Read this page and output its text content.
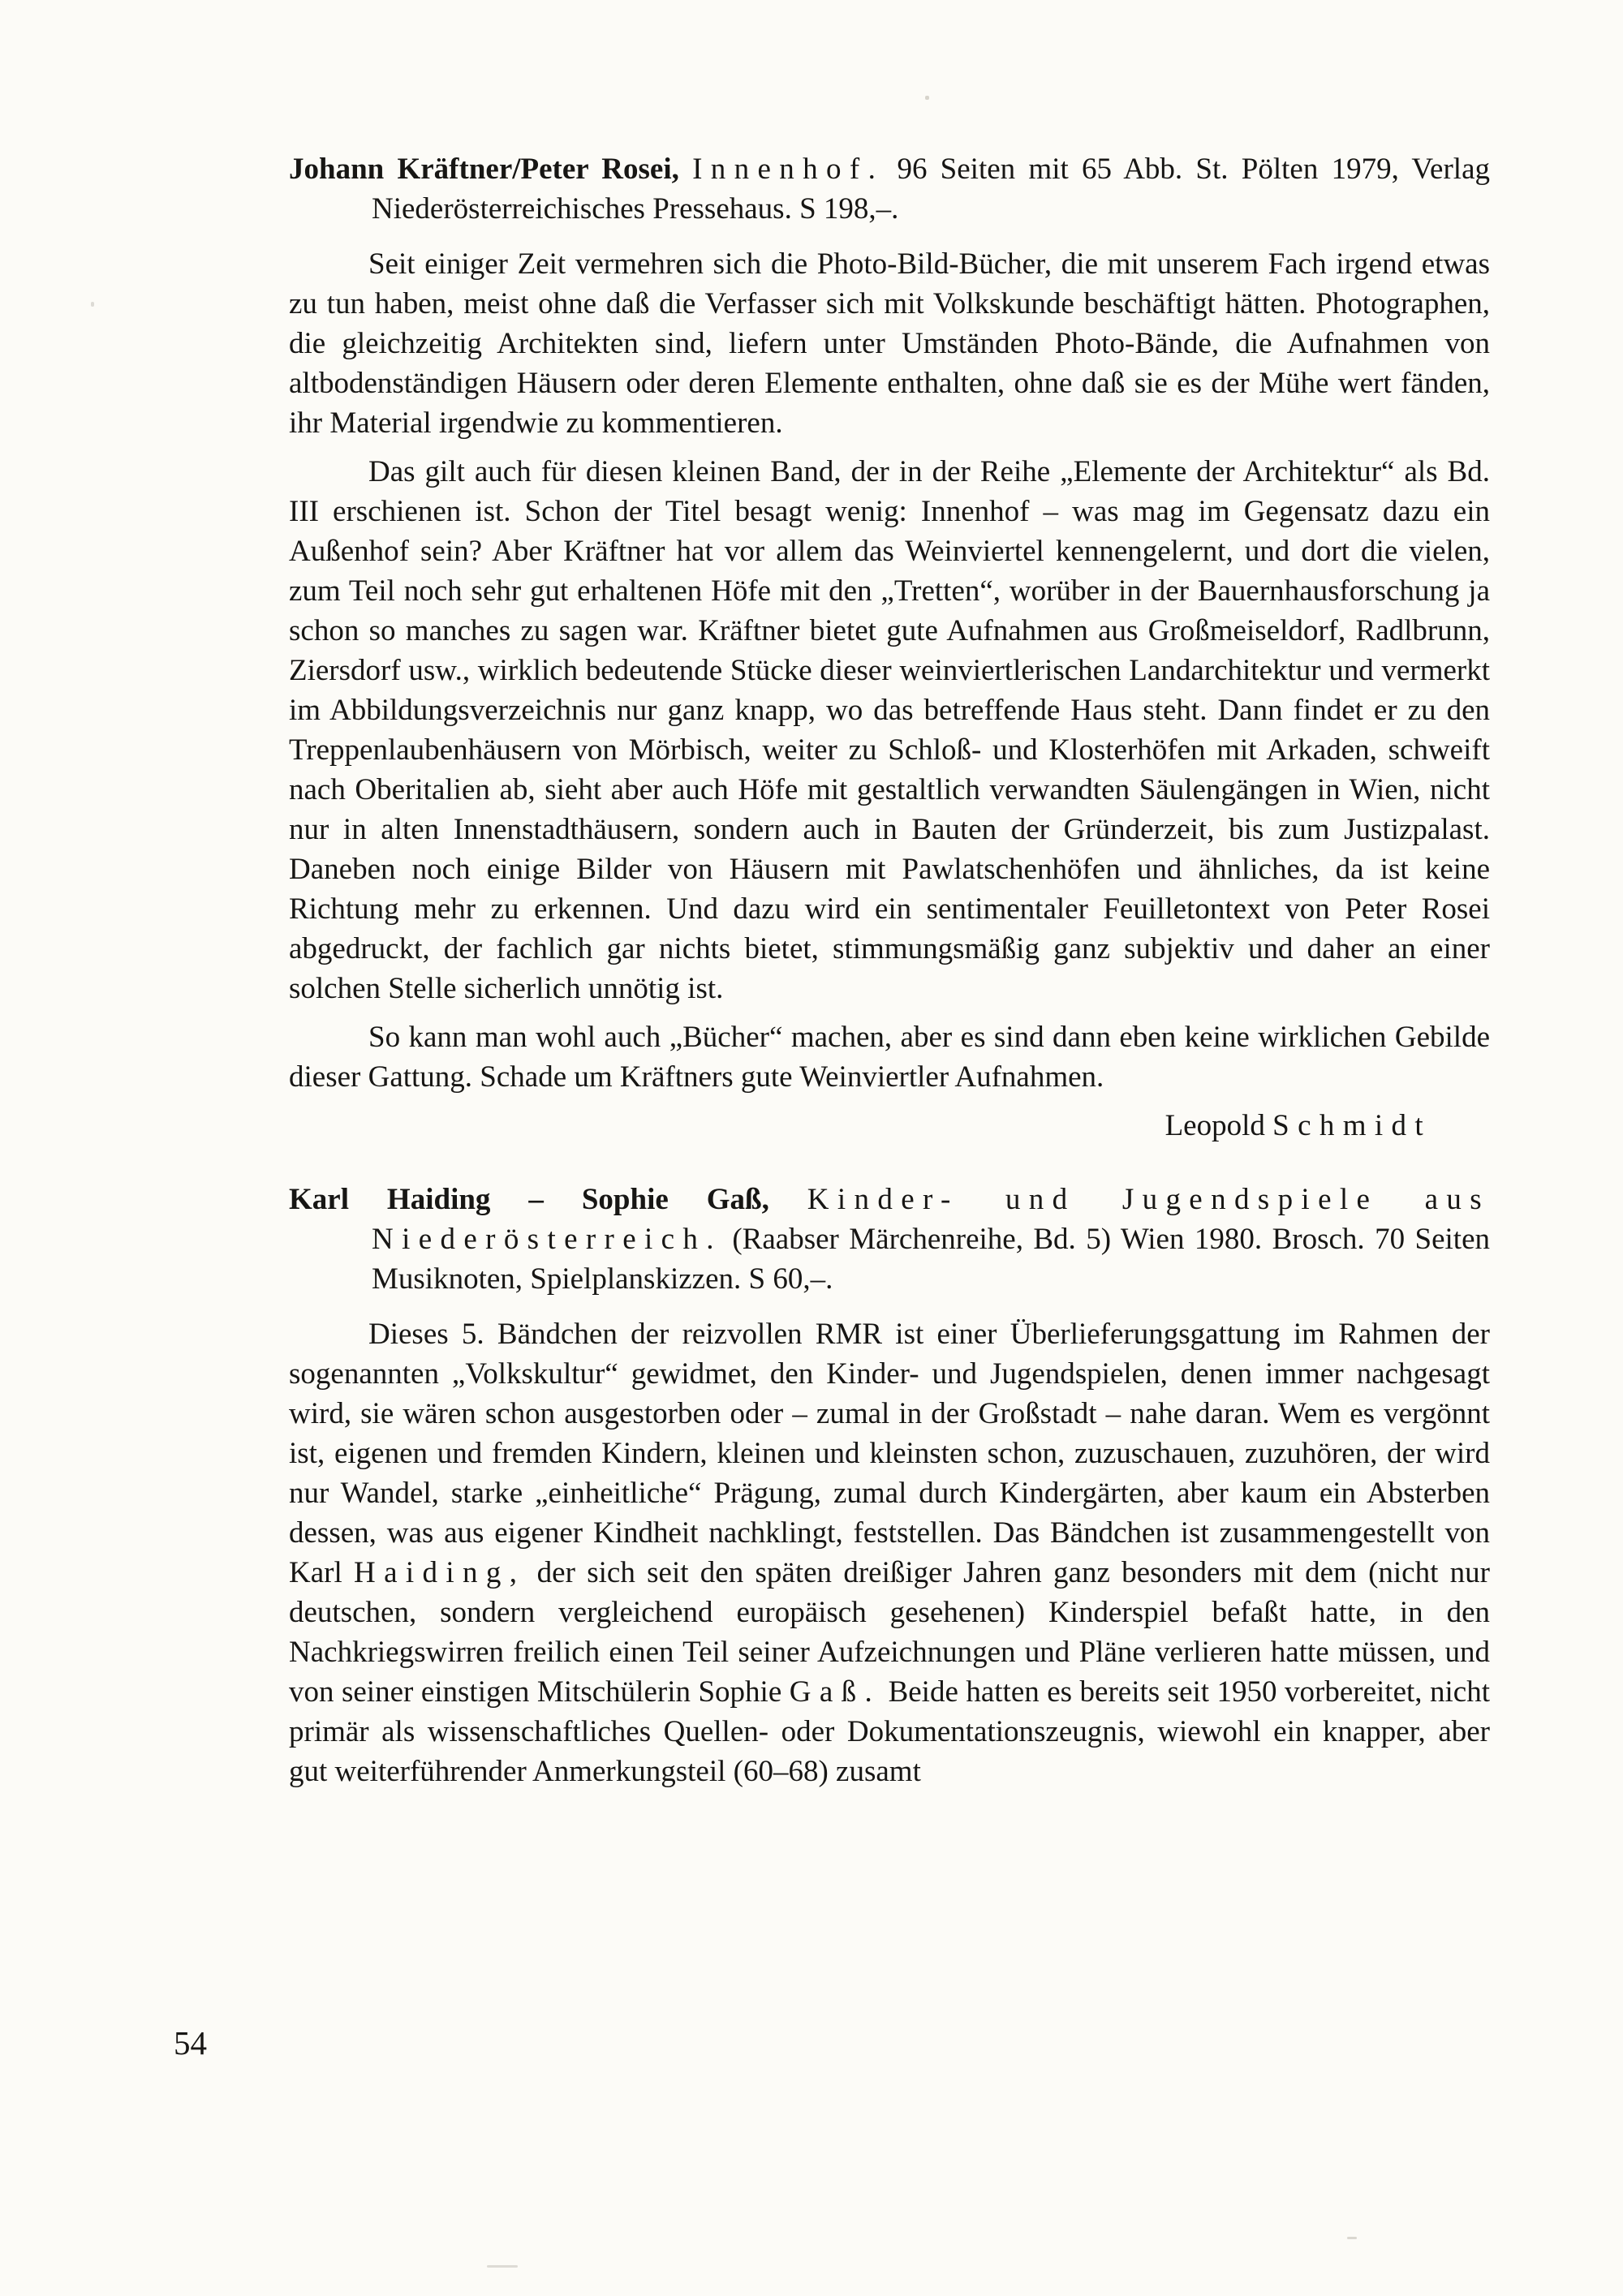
Johann Kräftner/Peter Rosei, Innenhof. 96 Seiten mit 65 Abb. St. Pölten 1979, Verlag Niederösterreichisches Pressehaus. S 198,–.

Seit einiger Zeit vermehren sich die Photo-Bild-Bücher, die mit unserem Fach irgend etwas zu tun haben, meist ohne daß die Verfasser sich mit Volkskunde beschäftigt hätten. Photographen, die gleichzeitig Architekten sind, liefern unter Umständen Photo-Bände, die Aufnahmen von altbodenständigen Häusern oder deren Elemente enthalten, ohne daß sie es der Mühe wert fänden, ihr Material irgendwie zu kommentieren.

Das gilt auch für diesen kleinen Band, der in der Reihe „Elemente der Architektur“ als Bd. III erschienen ist. Schon der Titel besagt wenig: Innenhof – was mag im Gegensatz dazu ein Außenhof sein? Aber Kräftner hat vor allem das Weinviertel kennengelernt, und dort die vielen, zum Teil noch sehr gut erhaltenen Höfe mit den „Tretten“, worüber in der Bauernhausforschung ja schon so manches zu sagen war. Kräftner bietet gute Aufnahmen aus Großmeiseldorf, Radlbrunn, Ziersdorf usw., wirklich bedeutende Stücke dieser weinviertlerischen Landarchitektur und vermerkt im Abbildungsverzeichnis nur ganz knapp, wo das betreffende Haus steht. Dann findet er zu den Treppenlaubenhäusern von Mörbisch, weiter zu Schloß- und Klosterhöfen mit Arkaden, schweift nach Oberitalien ab, sieht aber auch Höfe mit gestaltlich verwandten Säulengängen in Wien, nicht nur in alten Innenstadthäusern, sondern auch in Bauten der Gründerzeit, bis zum Justizpalast. Daneben noch einige Bilder von Häusern mit Pawlatschenhöfen und ähnliches, da ist keine Richtung mehr zu erkennen. Und dazu wird ein sentimentaler Feuilletontext von Peter Rosei abgedruckt, der fachlich gar nichts bietet, stimmungsmäßig ganz subjektiv und daher an einer solchen Stelle sicherlich unnötig ist.

So kann man wohl auch „Bücher“ machen, aber es sind dann eben keine wirklichen Gebilde dieser Gattung. Schade um Kräftners gute Weinviertler Aufnahmen.

Leopold Schmidt
Karl Haiding – Sophie Gaß, Kinder- und Jugendspiele aus Niederösterreich. (Raabser Märchenreihe, Bd. 5) Wien 1980. Brosch. 70 Seiten Musiknoten, Spielplanskizzen. S 60,–.

Dieses 5. Bändchen der reizvollen RMR ist einer Überlieferungsgattung im Rahmen der sogenannten „Volkskultur“ gewidmet, den Kinder- und Jugendspielen, denen immer nachgesagt wird, sie wären schon ausgestorben oder – zumal in der Großstadt – nahe daran. Wem es vergönnt ist, eigenen und fremden Kindern, kleinen und kleinsten schon, zuzuschauen, zuzuhören, der wird nur Wandel, starke „einheitliche“ Prägung, zumal durch Kindergärten, aber kaum ein Absterben dessen, was aus eigener Kindheit nachklingt, feststellen. Das Bändchen ist zusammengestellt von Karl Haiding, der sich seit den späten dreißiger Jahren ganz besonders mit dem (nicht nur deutschen, sondern vergleichend europäisch gesehenen) Kinderspiel befaßt hatte, in den Nachkriegswirren freilich einen Teil seiner Aufzeichnungen und Pläne verlieren hatte müssen, und von seiner einstigen Mitschülerin Sophie Gaß. Beide hatten es bereits seit 1950 vorbereitet, nicht primär als wissenschaftliches Quellen- oder Dokumentationszeugnis, wiewohl ein knapper, aber gut weiterführender Anmerkungsteil (60–68) zusamt

54
